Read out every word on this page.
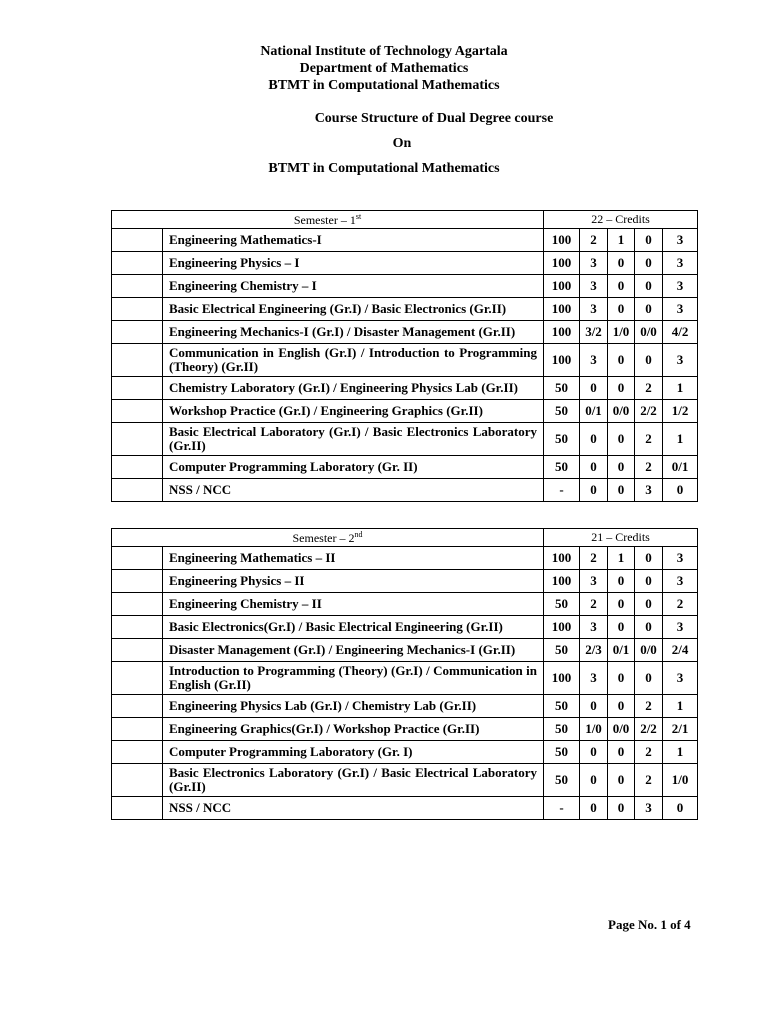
National Institute of Technology Agartala
Department of Mathematics
BTMT in Computational Mathematics
Course Structure of Dual Degree course
On
BTMT in Computational Mathematics
Semester – 1st		22 – Credits				
	Engineering Mathematics-I	100	2	1	0	3
	Engineering Physics – I	100	3	0	0	3
	Engineering Chemistry – I	100	3	0	0	3
	Basic Electrical Engineering (Gr.I) / Basic Electronics (Gr.II)	100	3	0	0	3
	Engineering Mechanics-I (Gr.I) / Disaster Management (Gr.II)	100	3/2	1/0	0/0	4/2
	Communication in English (Gr.I) / Introduction to Programming (Theory) (Gr.II)	100	3	0	0	3
	Chemistry Laboratory (Gr.I) / Engineering Physics Lab (Gr.II)	50	0	0	2	1
	Workshop Practice (Gr.I) / Engineering Graphics (Gr.II)	50	0/1	0/0	2/2	1/2
	Basic Electrical Laboratory (Gr.I) / Basic Electronics Laboratory (Gr.II)	50	0	0	2	1
	Computer Programming Laboratory (Gr. II)	50	0	0	2	0/1
	NSS / NCC	-	0	0	3	0
Semester – 2nd		21 – Credits				
	Engineering Mathematics – II	100	2	1	0	3
	Engineering Physics – II	100	3	0	0	3
	Engineering Chemistry – II	50	2	0	0	2
	Basic Electronics(Gr.I) / Basic Electrical Engineering (Gr.II)	100	3	0	0	3
	Disaster Management (Gr.I) / Engineering Mechanics-I (Gr.II)	50	2/3	0/1	0/0	2/4
	Introduction to Programming (Theory) (Gr.I) / Communication in English (Gr.II)	100	3	0	0	3
	Engineering Physics Lab (Gr.I) / Chemistry Lab (Gr.II)	50	0	0	2	1
	Engineering Graphics(Gr.I) / Workshop Practice (Gr.II)	50	1/0	0/0	2/2	2/1
	Computer Programming Laboratory (Gr. I)	50	0	0	2	1
	Basic Electronics Laboratory (Gr.I) / Basic Electrical Laboratory (Gr.II)	50	0	0	2	1/0
	NSS / NCC	-	0	0	3	0
Page No. 1 of 4
